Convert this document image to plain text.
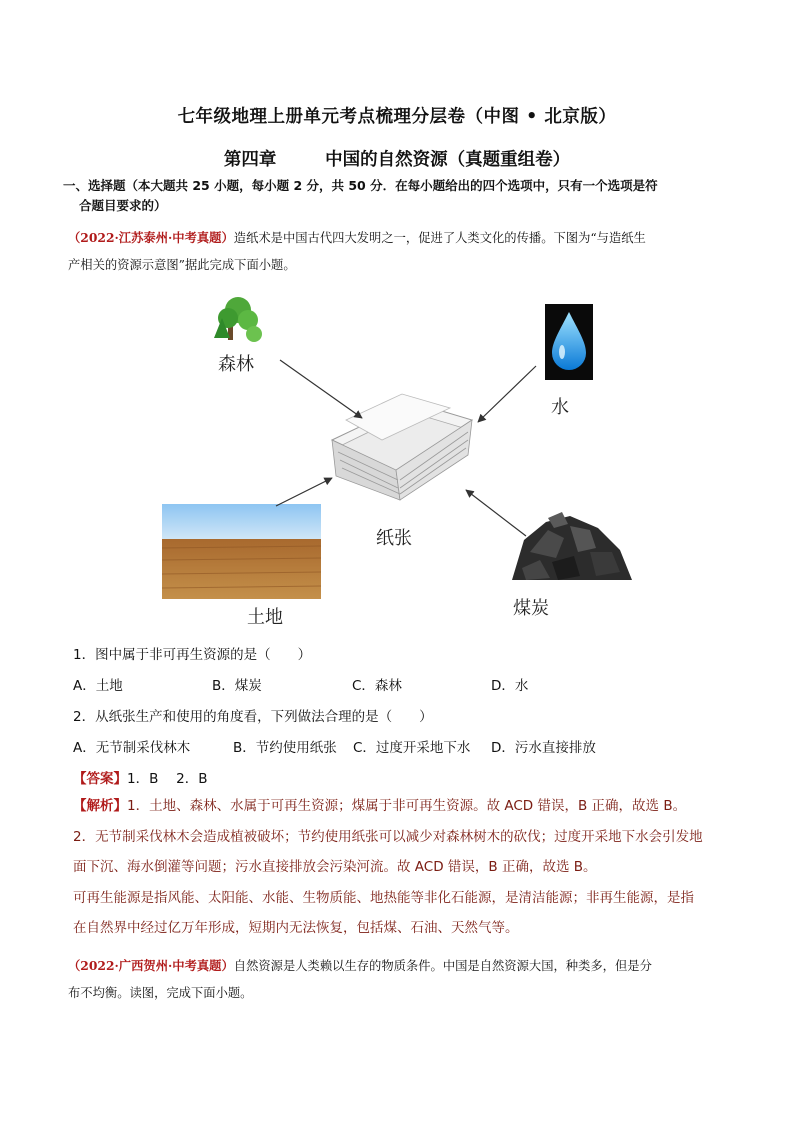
七年级地理上册单元考点梳理分层卷（中图 • 北京版）
第四章	中国的自然资源（真题重组卷）
一、选择题（本大题共 25 小题，每小题 2 分，共 50 分．在每小题给出的四个选项中，只有一个选项是符
合题目要求的）
（2022·江苏泰州·中考真题）造纸术是中国古代四大发明之一，促进了人类文化的传播。下图为“与造纸生
产相关的资源示意图”据此完成下面小题。
森林
水
纸张
土地	煤炭
1．图中属于非可再生资源的是（　　）
A．土地	B．煤炭	C．森林	D．水
2．从纸张生产和使用的角度看，下列做法合理的是（　　）
A．无节制采伐林木	B．节约使用纸张 C．过度开采地下水 D．污水直接排放
【答案】1．B　 2．B
【解析】1．土地、森林、水属于可再生资源；煤属于非可再生资源。故 ACD 错误，B 正确，故选 B。
2．无节制采伐林木会造成植被破坏；节约使用纸张可以减少对森林树木的砍伐；过度开采地下水会引发地
面下沉、海水倒灌等问题；污水直接排放会污染河流。故 ACD 错误，B 正确，故选 B。
可再生能源是指风能、太阳能、水能、生物质能、地热能等非化石能源，是清洁能源；非再生能源，是指
在自然界中经过亿万年形成，短期内无法恢复，包括煤、石油、天然气等。
（2022·广西贺州·中考真题）自然资源是人类赖以生存的物质条件。中国是自然资源大国，种类多，但是分
布不均衡。读图，完成下面小题。
